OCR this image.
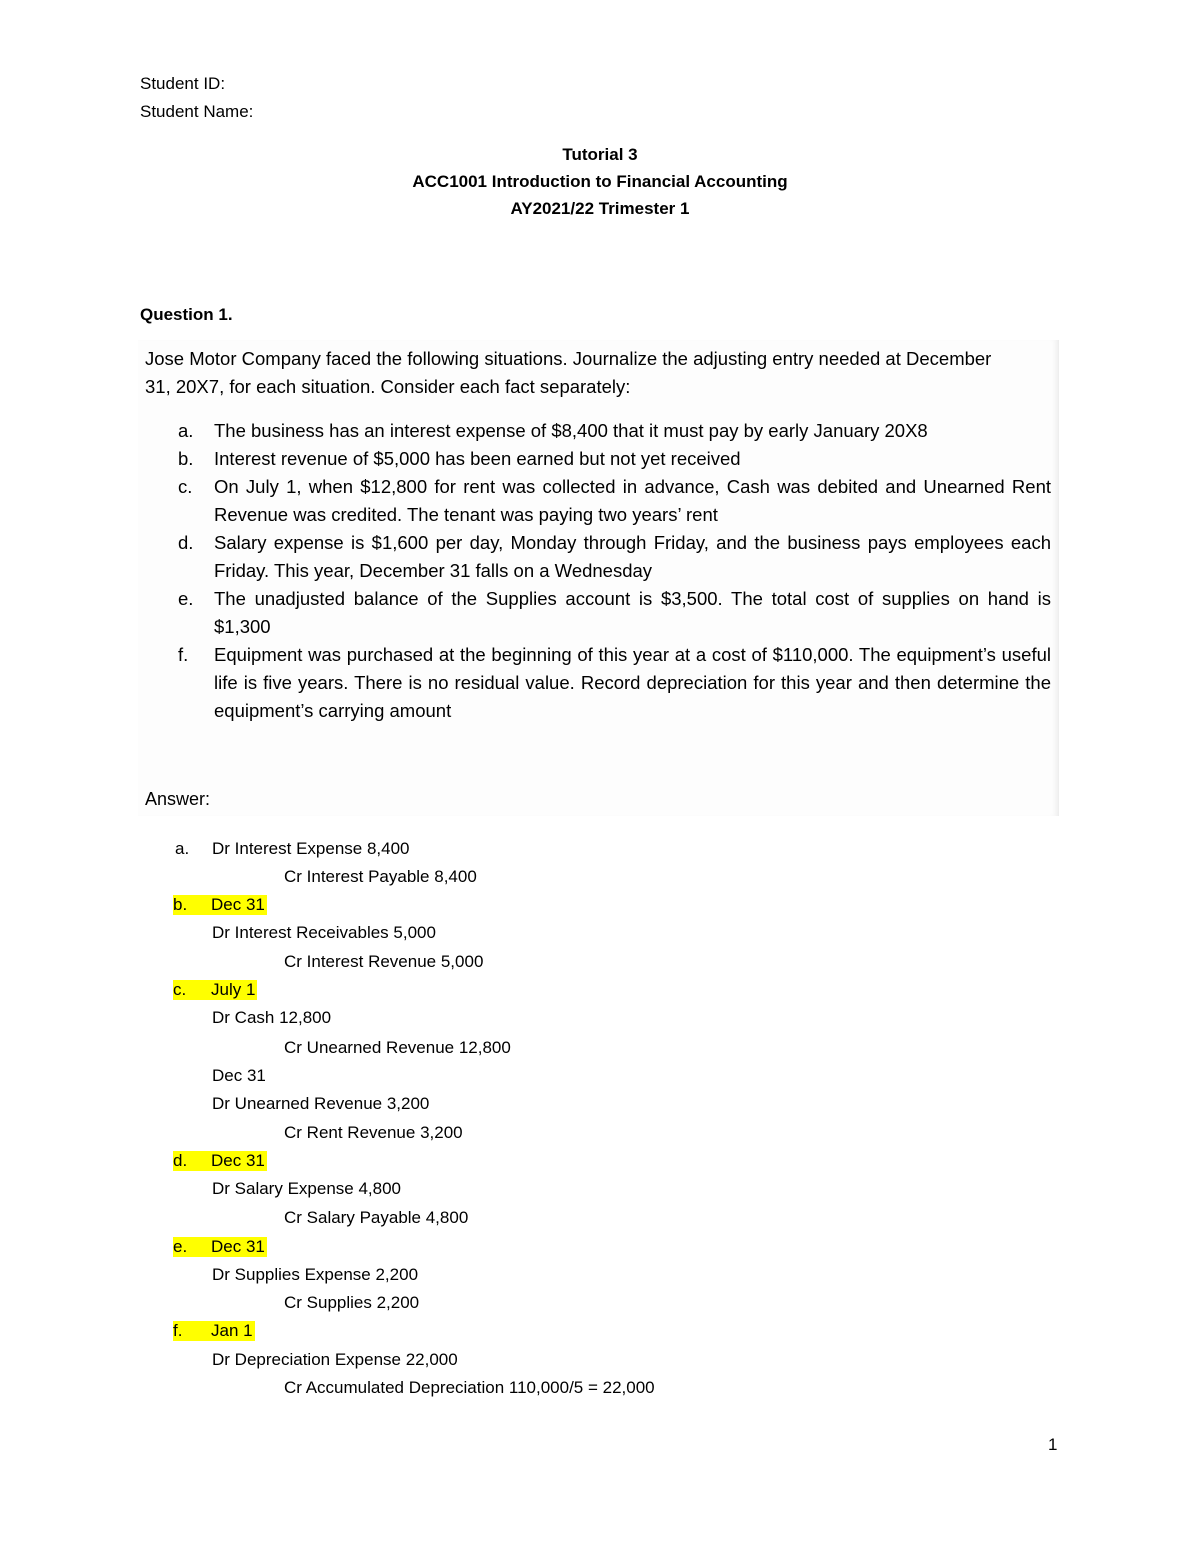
Student ID:
Student Name:
Tutorial 3
ACC1001 Introduction to Financial Accounting
AY2021/22 Trimester 1
Question 1.
Jose Motor Company faced the following situations. Journalize the adjusting entry needed at December
31, 20X7, for each situation. Consider each fact separately:
a.	The business has an interest expense of $8,400 that it must pay by early January 20X8
b.	Interest revenue of $5,000 has been earned but not yet received
c.	On July 1, when $12,800 for rent was collected in advance, Cash was debited and Unearned Rent Revenue was credited. The tenant was paying two years’ rent
d.	Salary expense is $1,600 per day, Monday through Friday, and the business pays employees each Friday. This year, December 31 falls on a Wednesday
e.	The unadjusted balance of the Supplies account is $3,500. The total cost of supplies on hand is $1,300
f.	Equipment was purchased at the beginning of this year at a cost of $110,000. The equipment’s useful life is five years. There is no residual value. Record depreciation for this year and then determine the equipment’s carrying amount
Answer:
a. Dr Interest Expense 8,400
Cr Interest Payable 8,400
b. Dec 31
Dr Interest Receivables 5,000
Cr Interest Revenue 5,000
c. July 1
Dr Cash 12,800
Cr Unearned Revenue 12,800
Dec 31
Dr Unearned Revenue 3,200
Cr Rent Revenue 3,200
d. Dec 31
Dr Salary Expense 4,800
Cr Salary Payable 4,800
e. Dec 31
Dr Supplies Expense 2,200
Cr Supplies 2,200
f. Jan 1
Dr Depreciation Expense 22,000
Cr Accumulated Depreciation 110,000/5 = 22,000
1
